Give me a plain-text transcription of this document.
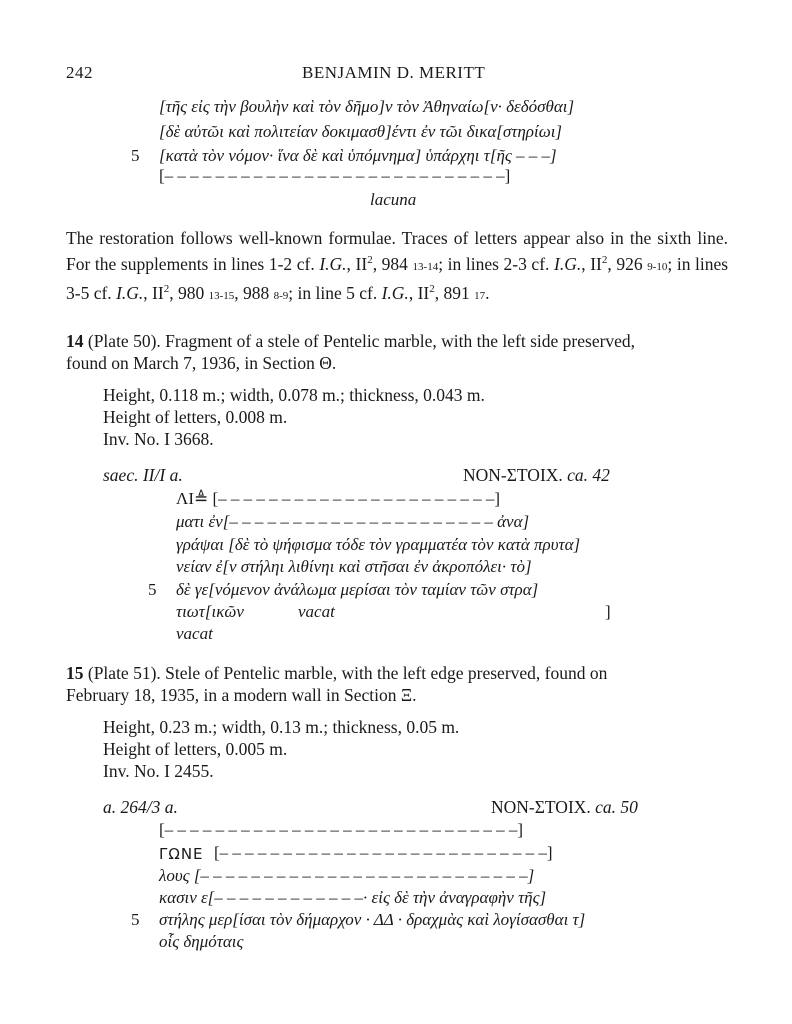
242	BENJAMIN D. MERITT
[τῆς εἰς τὴν βουλὴν καὶ τὸν δῆμο]ν τὸν Ἀθηναίω[ν· δεδόσθαι]
[δὲ αὐτῶι καὶ πολιτείαν δοκιμασθ]έντι ἐν τῶι δικα[στηρίωι]
5 [κατὰ τὸν νόμον· ἵνα δὲ καὶ ὑπόμνημα] ὑπάρχηι τ[ῆς – – –]
[– – – – – – – – – – – – – – – – – – – – – – – – – – –]
lacuna
The restoration follows well-known formulae. Traces of letters appear also in the sixth line. For the supplements in lines 1-2 cf. I.G., $II^2$, 984 13-14; in lines 2-3 cf. I.G., $II^2$, 926 9-10; in lines 3-5 cf. I.G., $II^2$, 980 13-15, 988 8-9; in line 5 cf. I.G., $II^2$, 891 17.
14 (Plate 50). Fragment of a stele of Pentelic marble, with the left side preserved,
found on March 7, 1936, in Section Θ.
Height, 0.118 m.; width, 0.078 m.; thickness, 0.043 m.
Height of letters, 0.008 m.
Inv. No. I 3668.
saec. II/I a.	NON-ΣΤΟΙΧ. ca. 42
ΛΙ≜ [– – – – – – – – – – – – – – – – – – – – – –]
ματι ἐν[– – – – – – – – – – – – – – – – – – – – – ἀνα]
γράψαι [δὲ τὸ ψήφισμα τόδε τὸν γραμματέα τὸν κατὰ πρυτα]
νείαν ἐ[ν στήληι λιθίνηι καὶ στῆσαι ἐν ἀκροπόλει· τὸ]
5 δὲ γε[νόμενον ἀνάλωμα μερίσαι τὸν ταμίαν τῶν στρα]
τιωτ[ικῶν	vacat	]
vacat
15 (Plate 51). Stele of Pentelic marble, with the left edge preserved, found on
February 18, 1935, in a modern wall in Section Ξ.
Height, 0.23 m.; width, 0.13 m.; thickness, 0.05 m.
Height of letters, 0.005 m.
Inv. No. I 2455.
a. 264/3 a.	NON-ΣΤΟΙΧ. ca. 50
[– – – – – – – – – – – – – – – – – – – – – – – – – – – –]
ΓΩΝΕ [– – – – – – – – – – – – – – – – – – – – – – – – – –]
λους [– – – – – – – – – – – – – – – – – – – – – – – – – –]
κασιν ε[– – – – – – – – – – – –· εἰς δὲ τὴν ἀναγραφὴν τῆς]
5 στήλης μερ[ίσαι τὸν δήμαρχον · ΔΔ · δραχμὰς καὶ λογίσασθαι τ]
οἷς δημόταις
